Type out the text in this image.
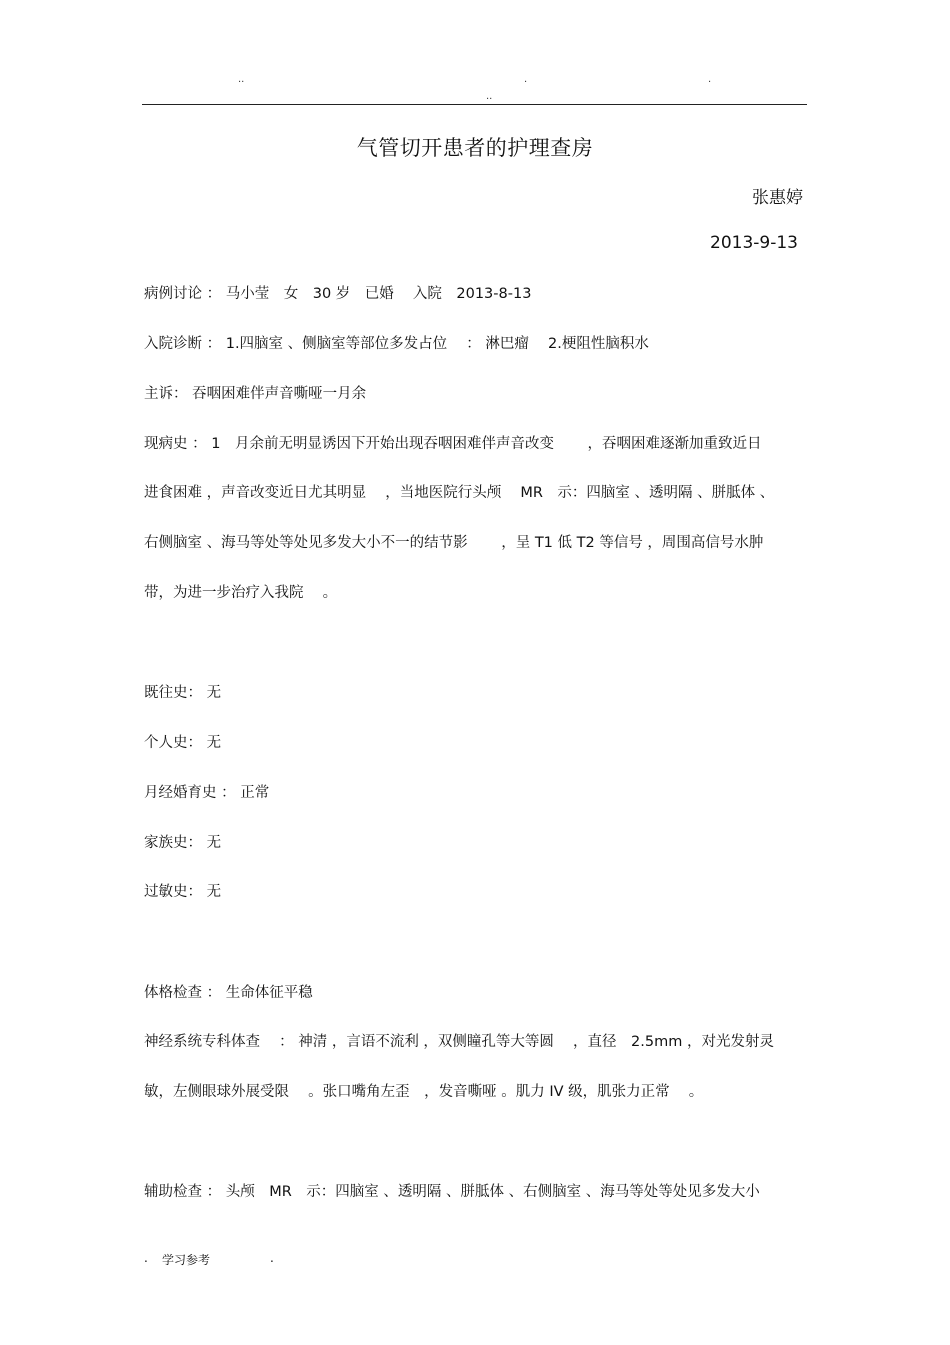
..	.	.
..
气管切开患者的护理查房
张惠婷
2013-9-13
病例讨论 ： 马小莹　女　30 岁　已婚　 入院　2013-8-13
入院诊断 ： 1.四脑室 、侧脑室等部位多发占位　 ： 淋巴瘤　 2.梗阻性脑积水
主诉： 吞咽困难伴声音嘶哑一月余
现病史 ： 1　月余前无明显诱因下开始出现吞咽困难伴声音改变　　 ，吞咽困难逐渐加重致近日
进食困难 ，声音改变近日尤其明显　 ，当地医院行头颅　 MR　示：四脑室 、透明隔 、胼胝体 、
右侧脑室 、海马等处等处见多发大小不一的结节影　　 ，呈 T1 低 T2 等信号 ，周围高信号水肿
带，为进一步治疗入我院　 。
既往史： 无
个人史： 无
月经婚育史 ： 正常
家族史： 无
过敏史： 无
体格检查 ： 生命体征平稳
神经系统专科体查　 ： 神清 ，言语不流利 ，双侧瞳孔等大等圆　 ，直径　2.5mm ，对光发射灵
敏，左侧眼球外展受限　 。张口嘴角左歪　，发音嘶哑 。肌力 IV 级，肌张力正常　 。
辅助检查 ： 头颅　MR　示：四脑室 、透明隔 、胼胝体 、右侧脑室 、海马等处等处见多发大小
. 学习参考	.
